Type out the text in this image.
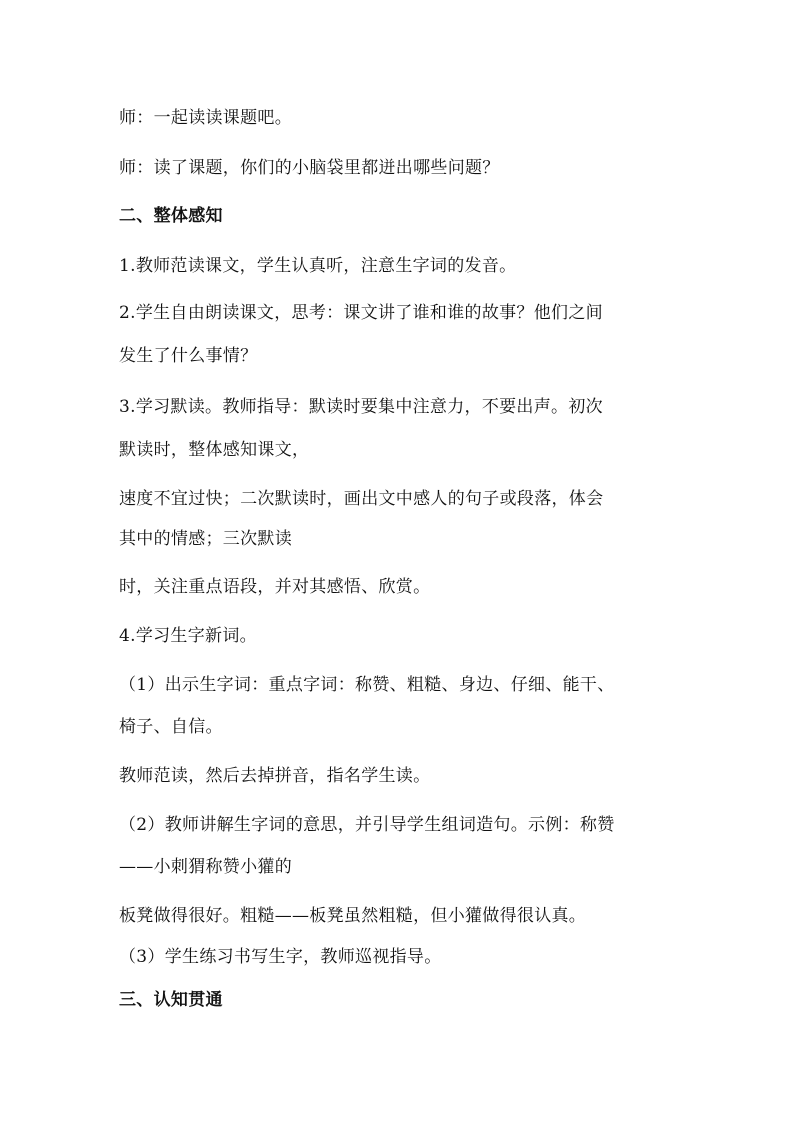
师：一起读读课题吧。
师：读了课题，你们的小脑袋里都迸出哪些问题？
二、整体感知
1.教师范读课文，学生认真听，注意生字词的发音。
2.学生自由朗读课文，思考：课文讲了谁和谁的故事？他们之间
发生了什么事情？
3.学习默读。教师指导：默读时要集中注意力，不要出声。初次
默读时，整体感知课文，
速度不宜过快；二次默读时，画出文中感人的句子或段落，体会
其中的情感；三次默读
时，关注重点语段，并对其感悟、欣赏。
4.学习生字新词。
（1）出示生字词：重点字词：称赞、粗糙、身边、仔细、能干、
椅子、自信。
教师范读，然后去掉拼音，指名学生读。
（2）教师讲解生字词的意思，并引导学生组词造句。示例：称赞
——小刺猬称赞小獾的
板凳做得很好。粗糙——板凳虽然粗糙，但小獾做得很认真。
（3）学生练习书写生字，教师巡视指导。
三、认知贯通
